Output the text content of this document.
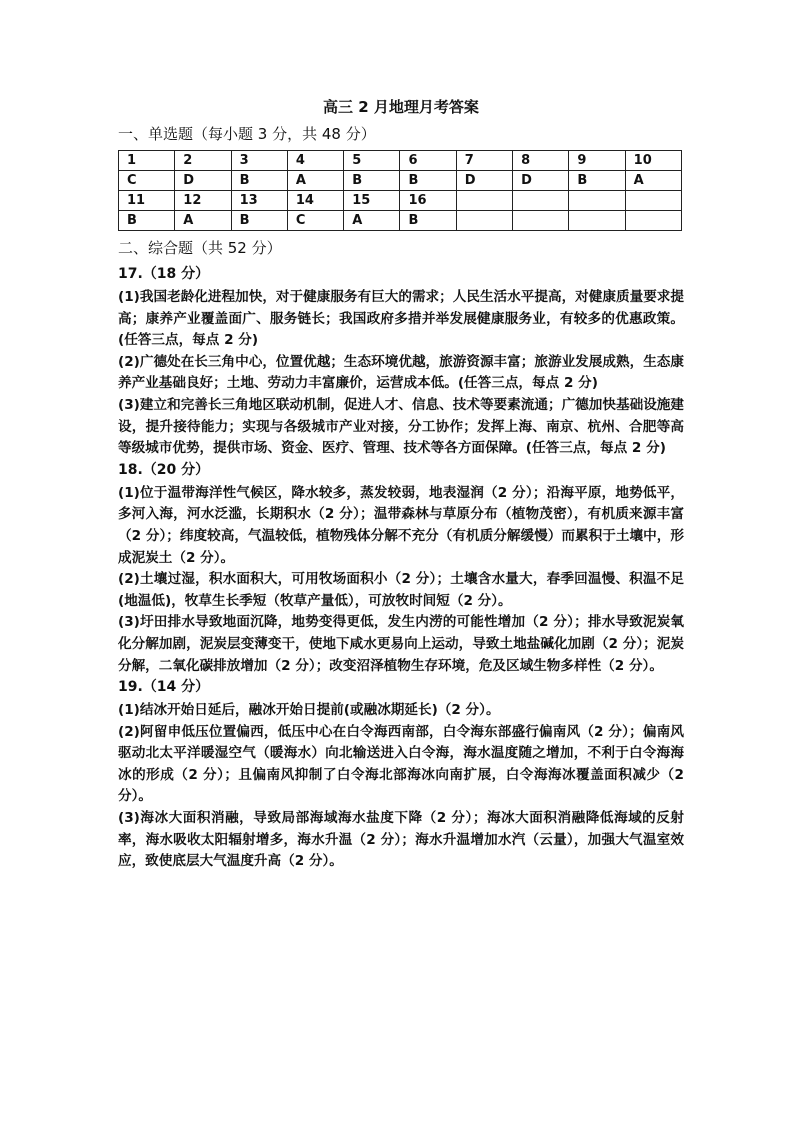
高三 2 月地理月考答案
一、单选题（每小题 3 分，共 48 分）
1	2	3	4	5	6	7	8	9	10
C	D	B	A	B	B	D	D	B	A
11	12	13	14	15	16				
B	A	B	C	A	B				
二、综合题（共 52 分）
17.（18 分）

(1)我国老龄化进程加快，对于健康服务有巨大的需求；人民生活水平提高，对健康质量要求提高；康养产业覆盖面广、服务链长；我国政府多措并举发展健康服务业，有较多的优惠政策。(任答三点，每点 2 分)

(2)广德处在长三角中心，位置优越；生态环境优越，旅游资源丰富；旅游业发展成熟，生态康养产业基础良好；土地、劳动力丰富廉价，运营成本低。(任答三点，每点 2 分)

(3)建立和完善长三角地区联动机制，促进人才、信息、技术等要素流通；广德加快基础设施建设，提升接待能力；实现与各级城市产业对接，分工协作；发挥上海、南京、杭州、合肥等高等级城市优势，提供市场、资金、医疗、管理、技术等各方面保障。(任答三点，每点 2 分)

18.（20 分）

(1)位于温带海洋性气候区，降水较多，蒸发较弱，地表湿润（2 分）；沿海平原，地势低平，多河入海，河水泛滥，长期积水（2 分）；温带森林与草原分布（植物茂密），有机质来源丰富（2 分）；纬度较高，气温较低，植物残体分解不充分（有机质分解缓慢）而累积于土壤中，形成泥炭土（2 分）。

(2)土壤过湿，积水面积大，可用牧场面积小（2 分）；土壤含水量大，春季回温慢、积温不足(地温低)，牧草生长季短（牧草产量低），可放牧时间短（2 分）。

(3)圩田排水导致地面沉降，地势变得更低，发生内涝的可能性增加（2 分）；排水导致泥炭氧化分解加剧，泥炭层变薄变干，使地下咸水更易向上运动，导致土地盐碱化加剧（2 分）；泥炭分解，二氧化碳排放增加（2 分）；改变沼泽植物生存环境，危及区域生物多样性（2 分）。

19.（14 分）

(1)结冰开始日延后，融冰开始日提前(或融冰期延长)（2 分）。

(2)阿留申低压位置偏西，低压中心在白令海西南部，白令海东部盛行偏南风（2 分）；偏南风驱动北太平洋暖湿空气（暖海水）向北输送进入白令海，海水温度随之增加，不利于白令海海冰的形成（2 分）；且偏南风抑制了白令海北部海冰向南扩展，白令海海冰覆盖面积减少（2 分）。

(3)海冰大面积消融，导致局部海域海水盐度下降（2 分）；海冰大面积消融降低海域的反射率，海水吸收太阳辐射增多，海水升温（2 分）；海水升温增加水汽（云量），加强大气温室效应，致使底层大气温度升高（2 分）。
